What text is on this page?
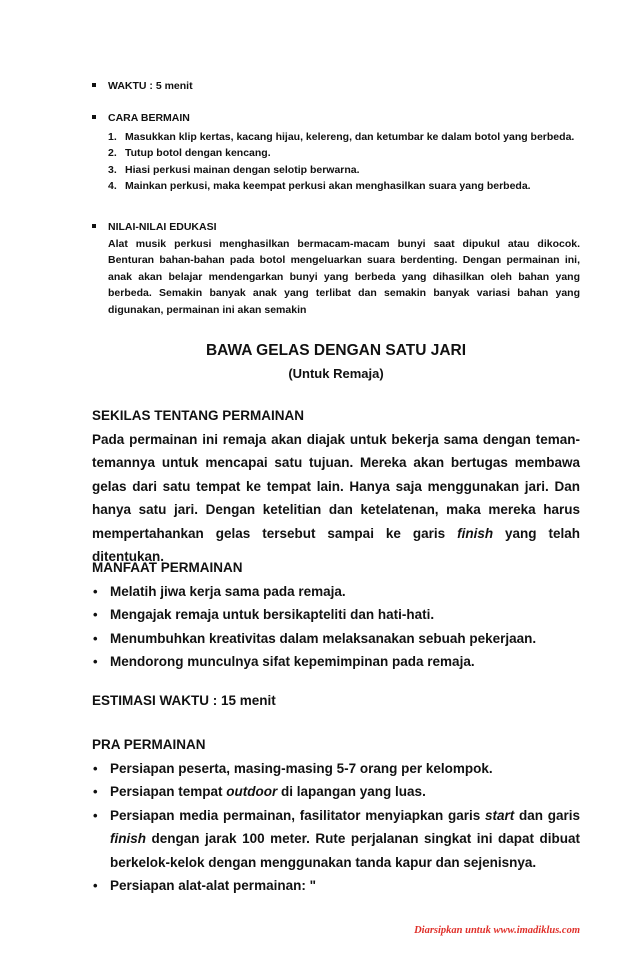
WAKTU : 5 menit
CARA BERMAIN
1. Masukkan klip kertas, kacang hijau, kelereng, dan ketumbar ke dalam botol yang berbeda.
2. Tutup botol dengan kencang.
3. Hiasi perkusi mainan dengan selotip berwarna.
4. Mainkan perkusi, maka keempat perkusi akan menghasilkan suara yang berbeda.
NILAI-NILAI EDUKASI
Alat musik perkusi menghasilkan bermacam-macam bunyi saat dipukul atau dikocok. Benturan bahan-bahan pada botol mengeluarkan suara berdenting. Dengan permainan ini, anak akan belajar mendengarkan bunyi yang berbeda yang dihasilkan oleh bahan yang berbeda. Semakin banyak anak yang terlibat dan semakin banyak variasi bahan yang digunakan, permainan ini akan semakin
BAWA GELAS DENGAN SATU JARI
(Untuk Remaja)
SEKILAS TENTANG PERMAINAN
Pada permainan ini remaja akan diajak untuk bekerja sama dengan teman-temannya untuk mencapai satu tujuan. Mereka akan bertugas membawa gelas dari satu tempat ke tempat lain. Hanya saja menggunakan jari. Dan hanya satu jari. Dengan ketelitian dan ketelatenan, maka mereka harus mempertahankan gelas tersebut sampai ke garis finish yang telah ditentukan.
MANFAAT PERMAINAN
• Melatih jiwa kerja sama pada remaja.
• Mengajak remaja untuk bersikapteliti dan hati-hati.
• Menumbuhkan kreativitas dalam melaksanakan sebuah pekerjaan.
• Mendorong munculnya sifat kepemimpinan pada remaja.
ESTIMASI WAKTU : 15 menit
PRA PERMAINAN
• Persiapan peserta, masing-masing 5-7 orang per kelompok.
• Persiapan tempat outdoor di lapangan yang luas.
• Persiapan media permainan, fasilitator menyiapkan garis start dan garis finish dengan jarak 100 meter. Rute perjalanan singkat ini dapat dibuat berkelok-kelok dengan menggunakan tanda kapur dan sejenisnya.
• Persiapan alat-alat permainan: "
Diarsipkan untuk www.imadiklus.com
